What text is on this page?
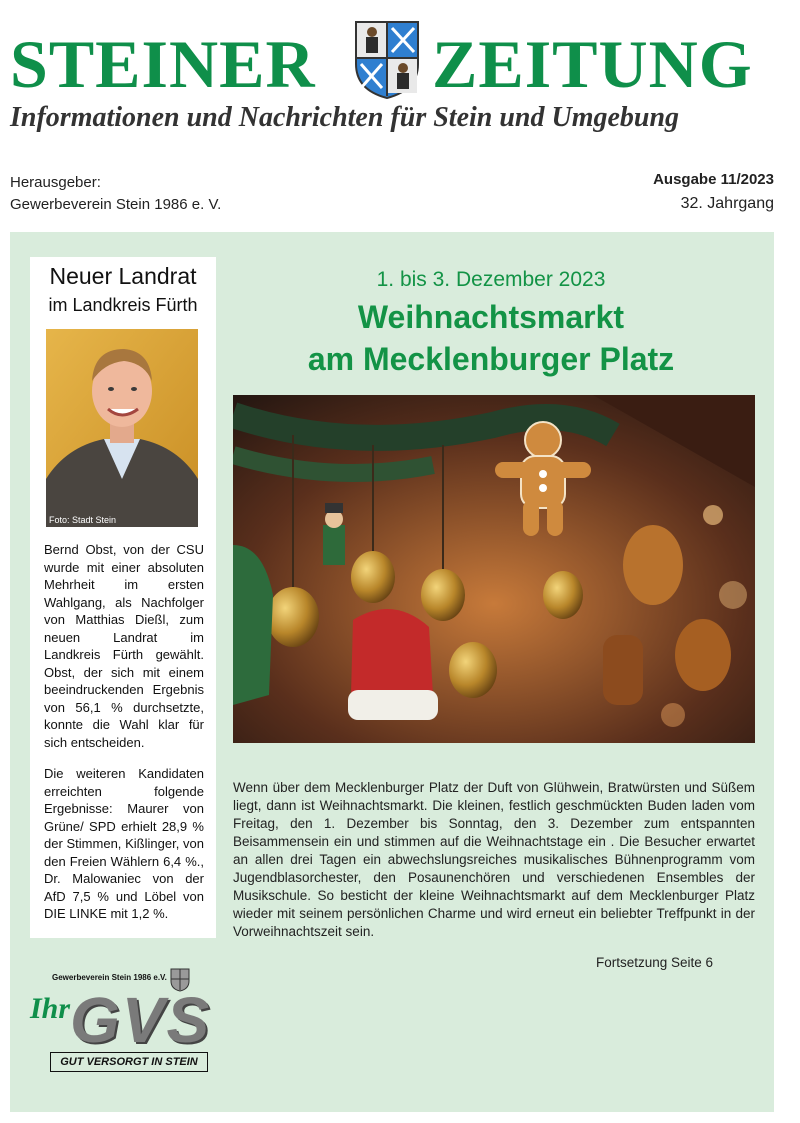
STEINER ZEITUNG
Informationen und Nachrichten für Stein und Umgebung
Herausgeber:
Gewerbeverein Stein 1986 e. V.
Ausgabe 11/2023
32. Jahrgang
Neuer Landrat
im Landkreis Fürth
Foto: Stadt Stein

Bernd Obst, von der CSU wurde mit einer absoluten Mehrheit im ersten Wahlgang, als Nachfolger von Matthias Dießl, zum neuen Landrat im Landkreis Fürth gewählt. Obst, der sich mit einem beeindruckenden Ergebnis von 56,1 % durchsetzte, konnte die Wahl klar für sich entscheiden.

Die weiteren Kandidaten erreichten folgende Ergebnisse: Maurer von Grüne/ SPD erhielt 28,9 % der Stimmen, Kißlinger, von den Freien Wählern 6,4 %., Dr. Malowaniec von der AfD 7,5 % und Löbel von DIE LINKE mit 1,2 %.

1. bis 3. Dezember 2023
Weihnachtsmarkt
am Mecklenburger Platz
Wenn über dem Mecklenburger Platz der Duft von Glühwein, Bratwürsten und Süßem liegt, dann ist Weihnachtsmarkt. Die kleinen, festlich geschmückten Buden laden vom Freitag, den 1. Dezember bis Sonntag, den 3. Dezember zum entspannten Beisammensein ein und stimmen auf die Weihnachtstage ein . Die Besucher erwartet an allen drei Tagen ein abwechslungsreiches musikalisches Bühnenprogramm vom Jugendblasorchester, den Posaunenchören und verschiedenen Ensembles der Musikschule. So besticht der kleine Weihnachtsmarkt auf dem Mecklenburger Platz wieder mit seinem persönlichen Charme und wird erneut ein beliebter Treffpunkt in der Vorweihnachtszeit sein.
Fortsetzung Seite 6
Gewerbeverein Stein 1986 e.V.
Ihr GVS
GUT VERSORGT IN STEIN
